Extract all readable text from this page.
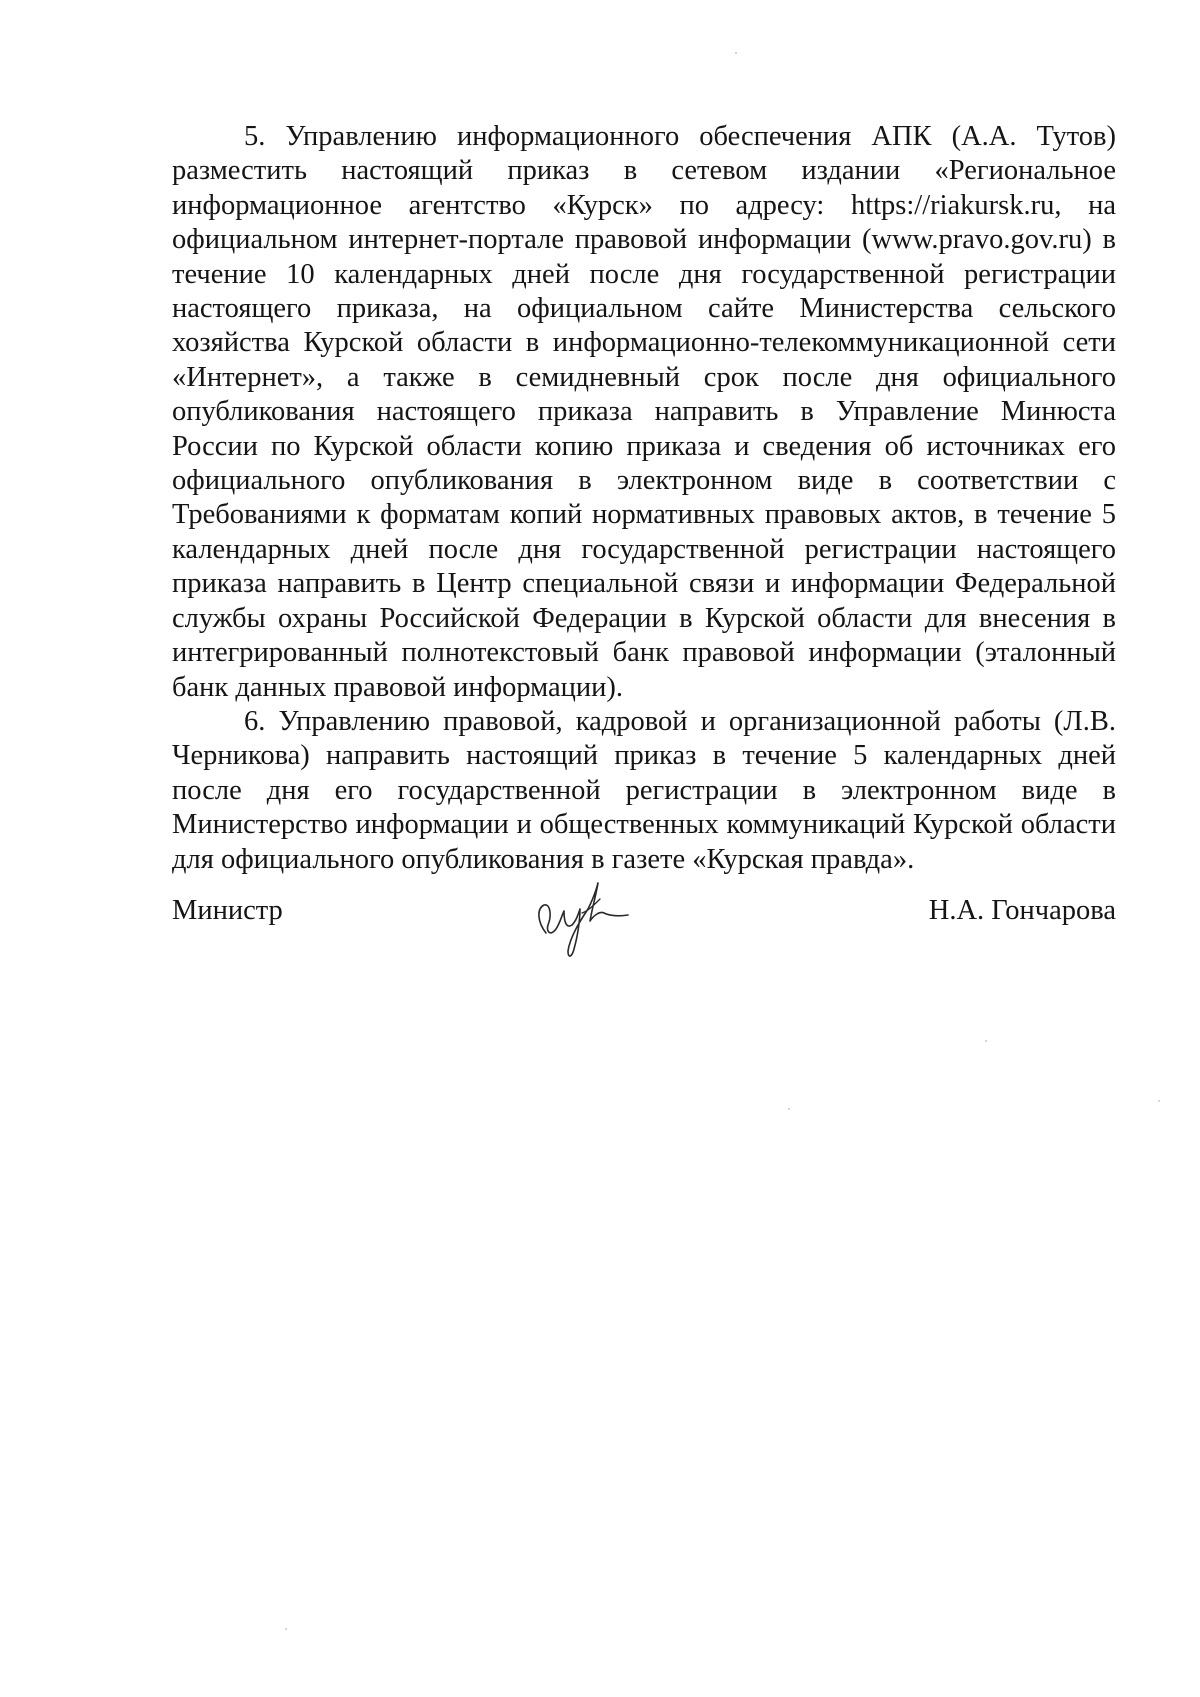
5. Управлению информационного обеспечения АПК (А.А. Тутов) разместить настоящий приказ в сетевом издании «Региональное информационное агентство «Курск» по адресу: https://riakursk.ru, на официальном интернет-портале правовой информации (www.pravo.gov.ru) в течение 10 календарных дней после дня государственной регистрации настоящего приказа, на официальном сайте Министерства сельского хозяйства Курской области в информационно-телекоммуникационной сети «Интернет», а также в семидневный срок после дня официального опубликования настоящего приказа направить в Управление Минюста России по Курской области копию приказа и сведения об источниках его официального опубликования в электронном виде в соответствии с Требованиями к форматам копий нормативных правовых актов, в течение 5 календарных дней после дня государственной регистрации настоящего приказа направить в Центр специальной связи и информации Федеральной службы охраны Российской Федерации в Курской области для внесения в интегрированный полнотекстовый банк правовой информации (эталонный банк данных правовой информации).

6. Управлению правовой, кадровой и организационной работы (Л.В. Черникова) направить настоящий приказ в течение 5 календарных дней после дня его государственной регистрации в электронном виде в Министерство информации и общественных коммуникаций Курской области для официального опубликования в газете «Курская правда».

Министр	Н.А. Гончарова
